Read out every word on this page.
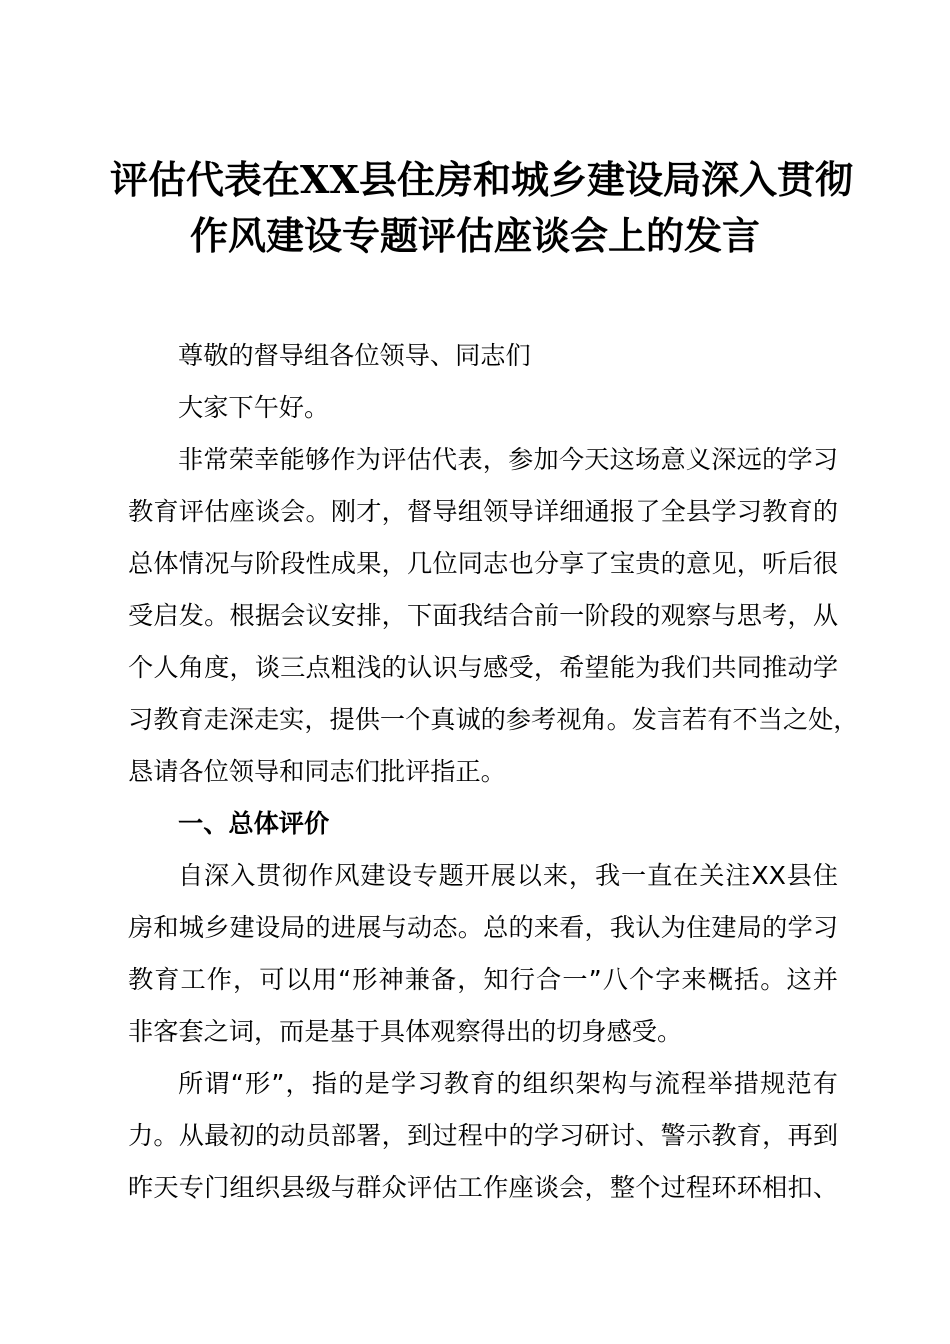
评估代表在XX县住房和城乡建设局深入贯彻
作风建设专题评估座谈会上的发言

尊敬的督导组各位领导、同志们

大家下午好。

非常荣幸能够作为评估代表，参加今天这场意义深远的学习

教育评估座谈会。刚才，督导组领导详细通报了全县学习教育的

总体情况与阶段性成果，几位同志也分享了宝贵的意见，听后很

受启发。根据会议安排，下面我结合前一阶段的观察与思考，从

个人角度，谈三点粗浅的认识与感受，希望能为我们共同推动学

习教育走深走实，提供一个真诚的参考视角。发言若有不当之处，

恳请各位领导和同志们批评指正。

一、总体评价

自深入贯彻作风建设专题开展以来，我一直在关注XX县住

房和城乡建设局的进展与动态。总的来看，我认为住建局的学习

教育工作，可以用“形神兼备，知行合一”八个字来概括。这并

非客套之词，而是基于具体观察得出的切身感受。

所谓“形”，指的是学习教育的组织架构与流程举措规范有

力。从最初的动员部署，到过程中的学习研讨、警示教育，再到

昨天专门组织县级与群众评估工作座谈会，整个过程环环相扣、
